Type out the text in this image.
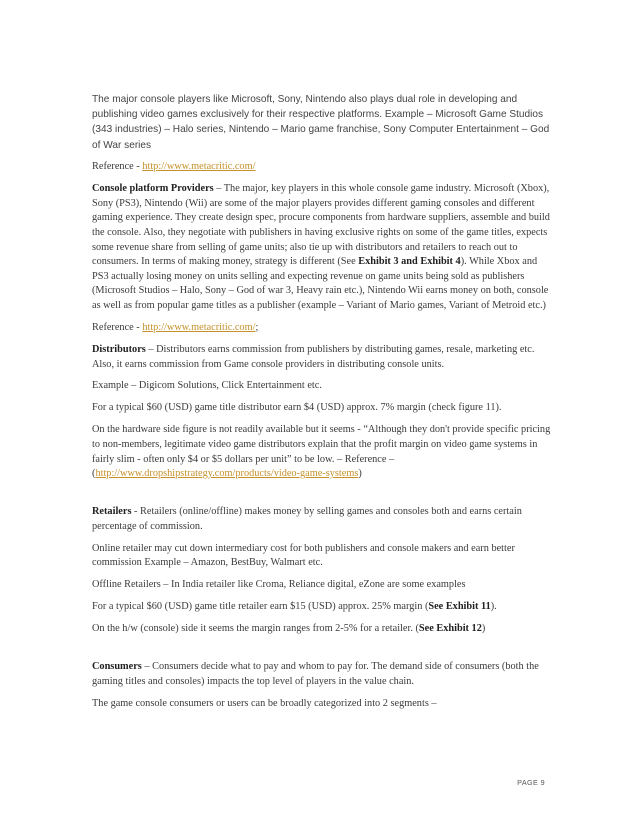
The major console players like Microsoft, Sony, Nintendo also plays dual role in developing and publishing video games exclusively for their respective platforms. Example – Microsoft Game Studios (343 industries) – Halo series, Nintendo – Mario game franchise, Sony Computer Entertainment – God of War series

Reference - http://www.metacritic.com/

Console platform Providers – The major, key players in this whole console game industry. Microsoft (Xbox), Sony (PS3), Nintendo (Wii) are some of the major players provides different gaming consoles and different gaming experience. They create design spec, procure components from hardware suppliers, assemble and build the console. Also, they negotiate with publishers in having exclusive rights on some of the game titles, expects some revenue share from selling of game units; also tie up with distributors and retailers to reach out to consumers. In terms of making money, strategy is different (See Exhibit 3 and Exhibit 4). While Xbox and PS3 actually losing money on units selling and expecting revenue on game units being sold as publishers (Microsoft Studios – Halo, Sony – God of war 3, Heavy rain etc.), Nintendo Wii earns money on both, console as well as from popular game titles as a publisher (example – Variant of Mario games, Variant of Metroid etc.)

Reference - http://www.metacritic.com/;

Distributors – Distributors earns commission from publishers by distributing games, resale, marketing etc. Also, it earns commission from Game console providers in distributing console units.

Example – Digicom Solutions, Click Entertainment etc.

For a typical $60 (USD) game title distributor earn $4 (USD) approx. 7% margin (check figure 11).

On the hardware side figure is not readily available but it seems - “Although they don't provide specific pricing to non-members, legitimate video game distributors explain that the profit margin on video game systems in fairly slim - often only $4 or $5 dollars per unit” to be low. – Reference –
(http://www.dropshipstrategy.com/products/video-game-systems)

Retailers - Retailers (online/offline) makes money by selling games and consoles both and earns certain percentage of commission.

Online retailer may cut down intermediary cost for both publishers and console makers and earn better commission Example – Amazon, BestBuy, Walmart etc.

Offline Retailers – In India retailer like Croma, Reliance digital, eZone are some examples

For a typical $60 (USD) game title retailer earn $15 (USD) approx. 25% margin (See Exhibit 11).

On the h/w (console) side it seems the margin ranges from 2-5% for a retailer. (See Exhibit 12)

Consumers – Consumers decide what to pay and whom to pay for. The demand side of consumers (both the gaming titles and consoles) impacts the top level of players in the value chain.

The game console consumers or users can be broadly categorized into 2 segments –

PAGE 9
